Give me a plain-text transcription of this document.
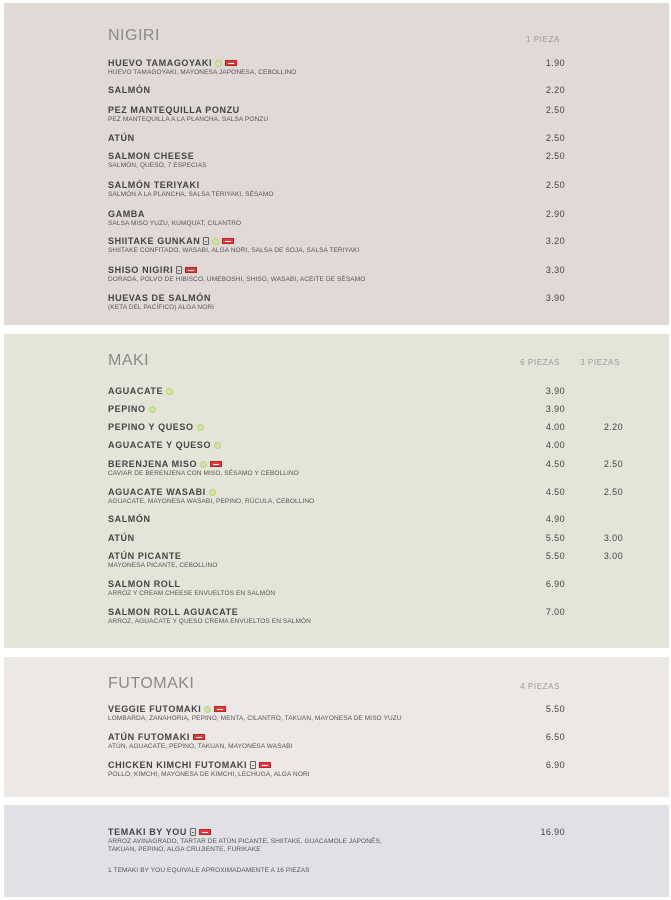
NIGIRI	1 PIEZA
HUEVO TAMAGOYAKI
HUEVO TAMAGOYAKI, MAYONESA JAPONESA, CEBOLLINO
1.90
SALMÓN	2.20
PEZ MANTEQUILLA PONZU
PEZ MANTEQUILLA A LA PLANCHA, SALSA PONZU
2.50
ATÚN	2.50
SALMON CHEESE
SALMÓN, QUESO, 7 ESPECIAS
2.50
SALMÓN TERIYAKI
SALMÓN A LA PLANCHA, SALSA TERIYAKI, SÉSAMO
2.50
GAMBA
SALSA MISO YUZU, KUMQUAT, CILANTRO
2.90
SHIITAKE GUNKAN
SHIITAKE CONFITADO, WASABI, ALGA NORI, SALSA DE SOJA, SALSA TERIYAKI
3.20
SHISO NIGIRI
DORADA, POLVO DE HIBISCO, UMEBOSHI, SHISO, WASABI, ACEITE DE SÉSAMO
3.30
HUEVAS DE SALMÓN
(KETA DEL PACÍFICO) ALGA NORI
3.90
MAKI	6 PIEZAS	3 PIEZAS
AGUACATE	3.90
PEPINO	3.90
PEPINO Y QUESO	4.00	2.20
AGUACATE Y QUESO	4.00
BERENJENA MISO
CAVIAR DE BERENJENA CON MISO, SÉSAMO Y CEBOLLINO
4.50	2.50
AGUACATE WASABI
AGUACATE, MAYONESA WASABI, PEPINO, RÚCULA, CEBOLLINO
4.50	2.50
SALMÓN	4.90
ATÚN	5.50	3.00
ATÚN PICANTE
MAYONESA PICANTE, CEBOLLINO
5.50	3.00
SALMON ROLL
ARROZ Y CREAM CHEESE ENVUELTOS EN SALMÓN
6.90
SALMON ROLL AGUACATE
ARROZ, AGUACATE Y QUESO CREMA ENVUELTOS EN SALMÓN
7.00
FUTOMAKI	4 PIEZAS
VEGGIE FUTOMAKI
LOMBARDA, ZANAHORIA, PEPINO, MENTA, CILANTRO, TAKUAN, MAYONESA DE MISO YUZU
5.50
ATÚN FUTOMAKI
ATÚN, AGUACATE, PEPINO, TAKUAN, MAYONESA WASABI
6.50
CHICKEN KIMCHI FUTOMAKI
POLLO, KIMCHI, MAYONESA DE KIMCHI, LECHUGA, ALGA NORI
6.90
TEMAKI BY YOU
ARROZ AVINAGRADO, TARTAR DE ATÚN PICANTE, SHIITAKE, GUACAMOLE JAPONÉS,
TAKUAN, PEPINO, ALGA CRUJIENTE, FURIKAKE
16.90
1 TEMAKI BY YOU EQUIVALE APROXIMADAMENTE A 16 PIEZAS
